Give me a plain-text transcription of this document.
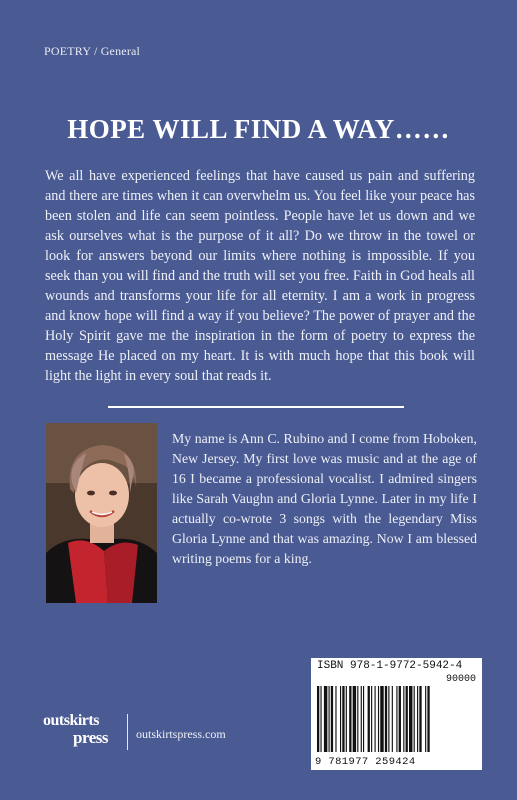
POETRY / General
HOPE WILL FIND A WAY……

We all have experienced feelings that have caused us pain and suffering and there are times when it can overwhelm us. You feel like your peace has been stolen and life can seem pointless. People have let us down and we ask ourselves what is the purpose of it all? Do we throw in the towel or look for answers beyond our limits where nothing is impossible. If you seek than you will find and the truth will set you free. Faith in God heals all wounds and transforms your life for all eternity. I am a work in progress and know hope will find a way if you believe? The power of prayer and the Holy Spirit gave me the inspiration in the form of poetry to express the message He placed on my heart. It is with much hope that this book will light the light in every soul that reads it.

My name is Ann C. Rubino and I come from Hoboken, New Jersey. My first love was music and at the age of 16 I became a professional vocalist. I admired singers like Sarah Vaughn and Gloria Lynne. Later in my life I actually co-wrote 3 songs with the legendary Miss Gloria Lynne and that was amazing. Now I am blessed writing poems for a king.

ISBN 978-1-9772-5942-4
90000
9 781977 259424
outskirts
press outskirtspress.com
